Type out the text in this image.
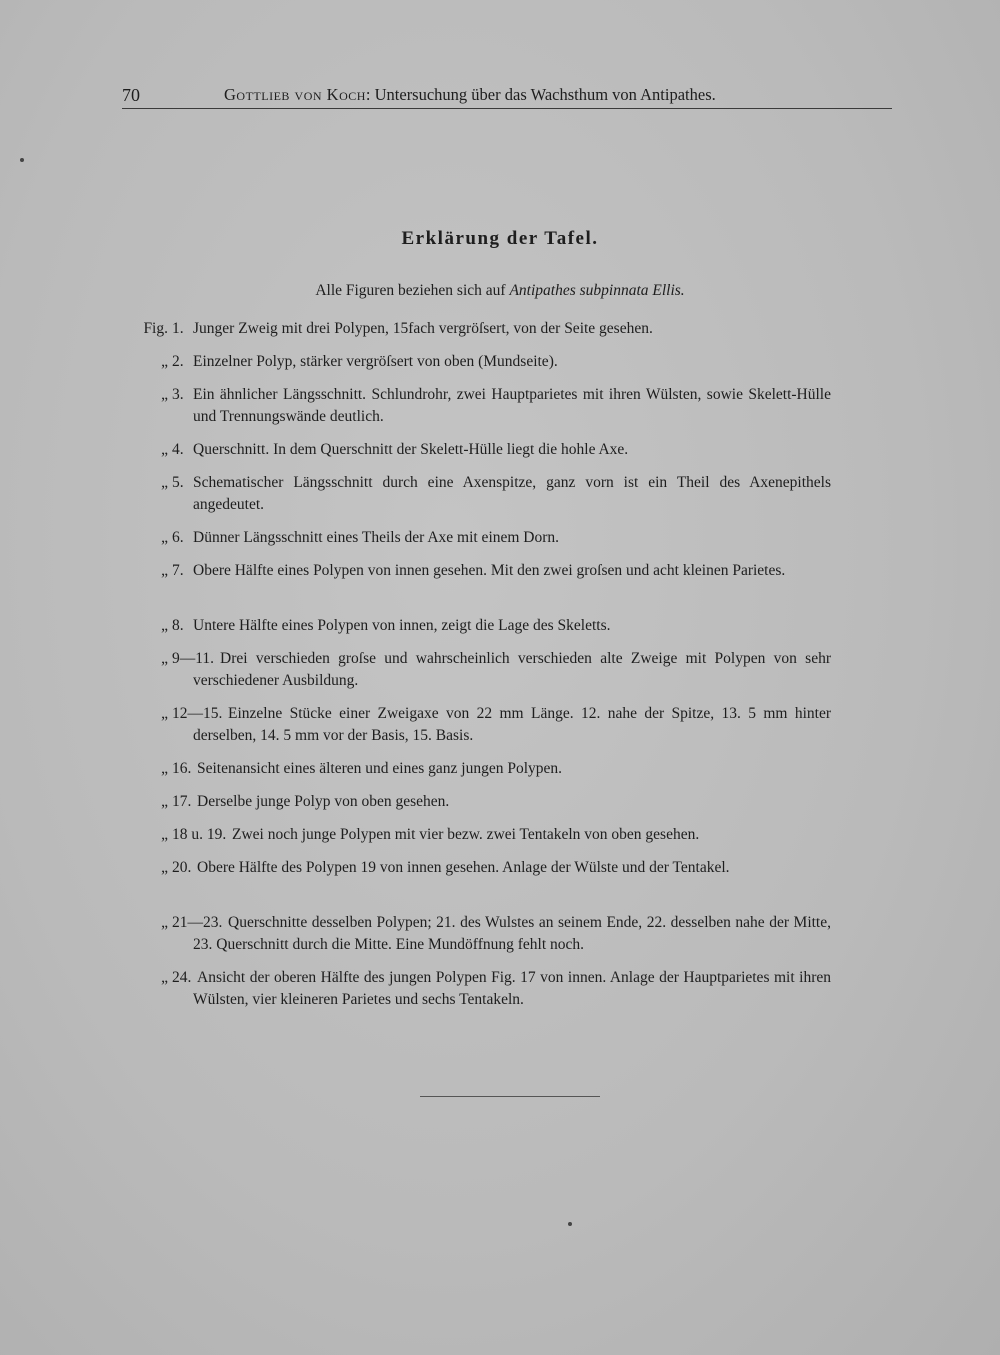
70	Gottlieb von Koch: Untersuchung über das Wachsthum von Antipathes.
Erklärung der Tafel.
Alle Figuren beziehen sich auf Antipathes subpinnata Ellis.
Fig. 1. Junger Zweig mit drei Polypen, 15fach vergröſsert, von der Seite gesehen.
„ 2. Einzelner Polyp, stärker vergröſsert von oben (Mundseite).
„ 3. Ein ähnlicher Längsschnitt. Schlundrohr, zwei Hauptparietes mit ihren Wülsten, sowie Skelett-Hülle und Trennungswände deutlich.
„ 4. Querschnitt. In dem Querschnitt der Skelett-Hülle liegt die hohle Axe.
„ 5. Schematischer Längsschnitt durch eine Axenspitze, ganz vorn ist ein Theil des Axenepithels angedeutet.
„ 6. Dünner Längsschnitt eines Theils der Axe mit einem Dorn.
„ 7. Obere Hälfte eines Polypen von innen gesehen. Mit den zwei groſsen und acht kleinen Parietes.
„ 8. Untere Hälfte eines Polypen von innen, zeigt die Lage des Skeletts.
„ 9—11. Drei verschieden groſse und wahrscheinlich verschieden alte Zweige mit Polypen von sehr verschiedener Ausbildung.
„ 12—15. Einzelne Stücke einer Zweigaxe von 22 mm Länge. 12. nahe der Spitze, 13. 5 mm hinter derselben, 14. 5 mm vor der Basis, 15. Basis.
„ 16. Seitenansicht eines älteren und eines ganz jungen Polypen.
„ 17. Derselbe junge Polyp von oben gesehen.
„ 18 u. 19. Zwei noch junge Polypen mit vier bezw. zwei Tentakeln von oben gesehen.
„ 20. Obere Hälfte des Polypen 19 von innen gesehen. Anlage der Wülste und der Tentakel.
„ 21—23. Querschnitte desselben Polypen; 21. des Wulstes an seinem Ende, 22. desselben nahe der Mitte, 23. Querschnitt durch die Mitte. Eine Mundöffnung fehlt noch.
„ 24. Ansicht der oberen Hälfte des jungen Polypen Fig. 17 von innen. Anlage der Hauptparietes mit ihren Wülsten, vier kleineren Parietes und sechs Tentakeln.
